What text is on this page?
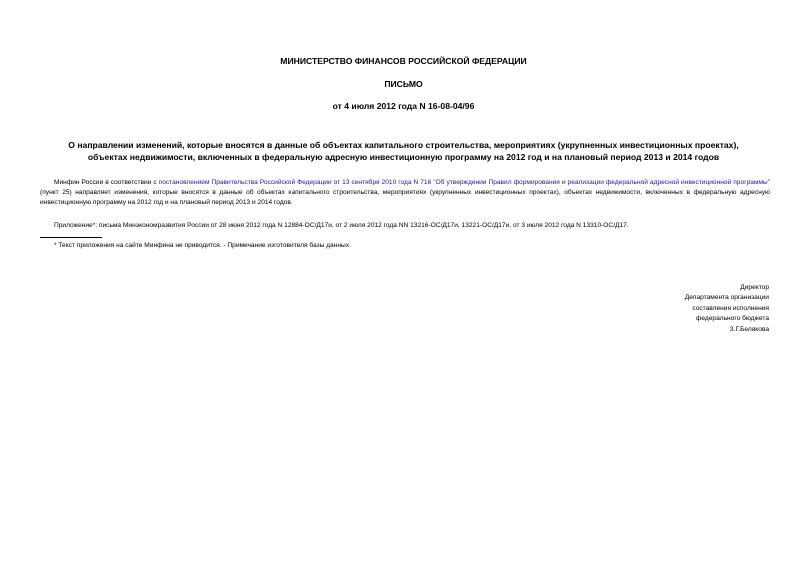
МИНИСТЕРСТВО ФИНАНСОВ РОССИЙСКОЙ ФЕДЕРАЦИИ
ПИСЬМО
от 4 июля 2012 года N 16-08-04/96
О направлении изменений, которые вносятся в данные об объектах капитального строительства, мероприятиях (укрупненных инвестиционных проектах),
объектах недвижимости, включенных в федеральную адресную инвестиционную программу на 2012 год и на плановый период 2013 и 2014 годов
Минфин России в соответствии с постановлением Правительства Российской Федерации от 13 сентября 2010 года N 716 "Об утверждении Правил формирования и реализации федеральной адресной инвестиционной программы" (пункт 25) направляет изменения, которые вносятся в данные об объектах капитального строительства, мероприятиях (укрупненных инвестиционных проектах), объектах недвижимости, включенных в федеральную адресную инвестиционную программу на 2012 год и на плановый период 2013 и 2014 годов.
Приложение*: письма Минэкономразвития России от 28 июня 2012 года N 12884-ОС/Д17и, от 2 июля 2012 года NN 13216-ОС/Д17и, 13221-ОС/Д17и, от 3 июля 2012 года N 13310-ОС/Д17.
* Текст приложения на сайте Минфина не приводится. - Примечание изготовителя базы данных.
Директор
Департамента организации
составления исполнения
федерального бюджета
З.Г.Белякова
